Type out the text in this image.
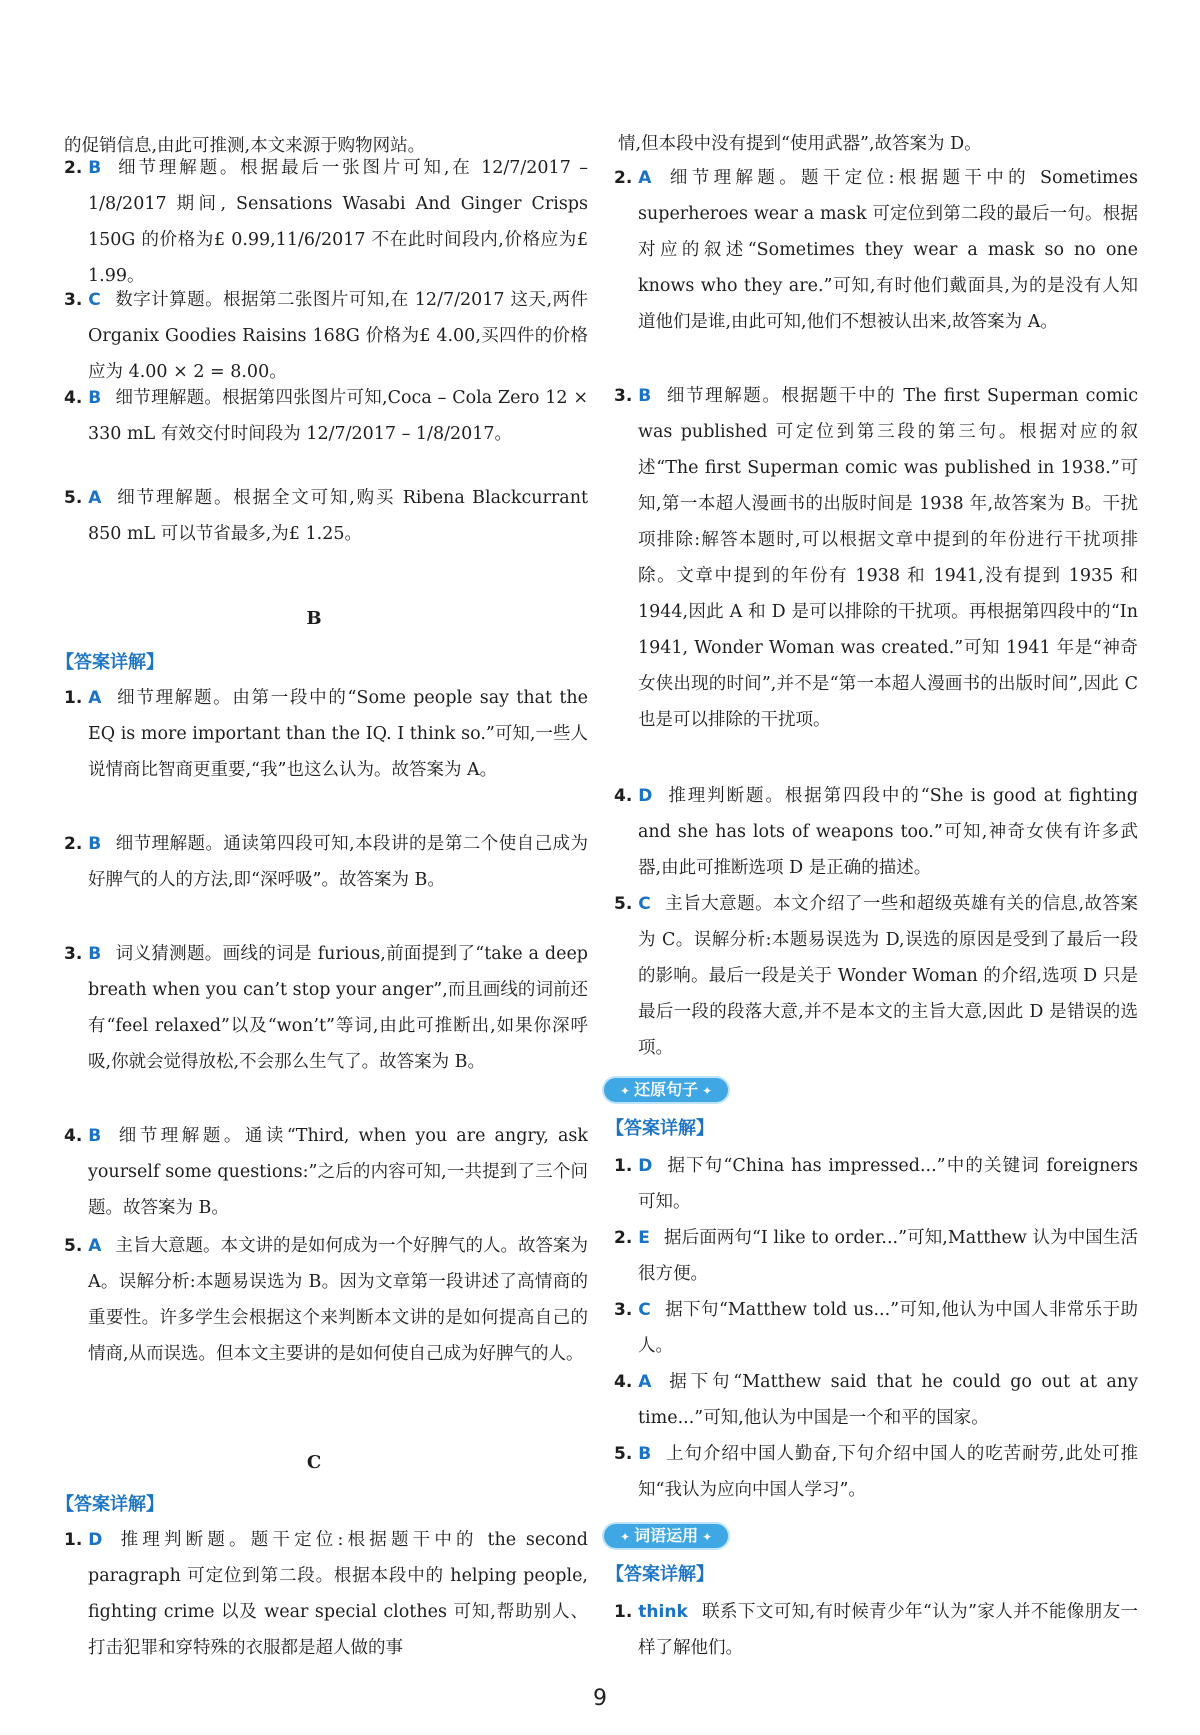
的促销信息,由此可推测,本文来源于购物网站。
2. B 细节理解题。根据最后一张图片可知,在 12/7/2017 – 1/8/2017 期间, Sensations Wasabi And Ginger Crisps 150G 的价格为£ 0.99,11/6/2017 不在此时间段内,价格应为£ 1.99。
3. C 数字计算题。根据第二张图片可知,在 12/7/2017 这天,两件 Organix Goodies Raisins 168G 价格为£ 4.00,买四件的价格应为 4.00 × 2 = 8.00。
4. B 细节理解题。根据第四张图片可知,Coca – Cola Zero 12 × 330 mL 有效交付时间段为 12/7/2017 – 1/8/2017。
5. A 细节理解题。根据全文可知,购买 Ribena Blackcurrant 850 mL 可以节省最多,为£ 1.25。
B
【答案详解】
1. A 细节理解题。由第一段中的“Some people say that the EQ is more important than the IQ. I think so.”可知,一些人说情商比智商更重要,“我”也这么认为。故答案为 A。
2. B 细节理解题。通读第四段可知,本段讲的是第二个使自己成为好脾气的人的方法,即“深呼吸”。故答案为 B。
3. B 词义猜测题。画线的词是 furious,前面提到了“take a deep breath when you can’t stop your anger”,而且画线的词前还有“feel relaxed”以及“won’t”等词,由此可推断出,如果你深呼吸,你就会觉得放松,不会那么生气了。故答案为 B。
4. B 细节理解题。通读“Third, when you are angry, ask yourself some questions:”之后的内容可知,一共提到了三个问题。故答案为 B。
5. A 主旨大意题。本文讲的是如何成为一个好脾气的人。故答案为 A。误解分析:本题易误选为 B。因为文章第一段讲述了高情商的重要性。许多学生会根据这个来判断本文讲的是如何提高自己的情商,从而误选。但本文主要讲的是如何使自己成为好脾气的人。
C
【答案详解】
1. D 推理判断题。题干定位:根据题干中的 the second paragraph 可定位到第二段。根据本段中的 helping people, fighting crime 以及 wear special clothes 可知,帮助别人、打击犯罪和穿特殊的衣服都是超人做的事
情,但本段中没有提到“使用武器”,故答案为 D。
2. A 细节理解题。题干定位:根据题干中的 Sometimes superheroes wear a mask 可定位到第二段的最后一句。根据对应的叙述“Sometimes they wear a mask so no one knows who they are.”可知,有时他们戴面具,为的是没有人知道他们是谁,由此可知,他们不想被认出来,故答案为 A。
3. B 细节理解题。根据题干中的 The first Superman comic was published 可定位到第三段的第三句。根据对应的叙述“The first Superman comic was published in 1938.”可知,第一本超人漫画书的出版时间是 1938 年,故答案为 B。干扰项排除:解答本题时,可以根据文章中提到的年份进行干扰项排除。文章中提到的年份有 1938 和 1941,没有提到 1935 和 1944,因此 A 和 D 是可以排除的干扰项。再根据第四段中的“In 1941, Wonder Woman was created.”可知 1941 年是“神奇女侠出现的时间”,并不是“第一本超人漫画书的出版时间”,因此 C 也是可以排除的干扰项。
4. D 推理判断题。根据第四段中的“She is good at fighting and she has lots of weapons too.”可知,神奇女侠有许多武器,由此可推断选项 D 是正确的描述。
5. C 主旨大意题。本文介绍了一些和超级英雄有关的信息,故答案为 C。误解分析:本题易误选为 D,误选的原因是受到了最后一段的影响。最后一段是关于 Wonder Woman 的介绍,选项 D 只是最后一段的段落大意,并不是本文的主旨大意,因此 D 是错误的选项。
✦ 还原句子 ✦
【答案详解】
1. D 据下句“China has impressed...”中的关键词 foreigners 可知。
2. E 据后面两句“I like to order...”可知,Matthew 认为中国生活很方便。
3. C 据下句“Matthew told us...”可知,他认为中国人非常乐于助人。
4. A 据下句“Matthew said that he could go out at any time...”可知,他认为中国是一个和平的国家。
5. B 上句介绍中国人勤奋,下句介绍中国人的吃苦耐劳,此处可推知“我认为应向中国人学习”。
✦ 词语运用 ✦
【答案详解】
1. think 联系下文可知,有时候青少年“认为”家人并不能像朋友一样了解他们。
9
